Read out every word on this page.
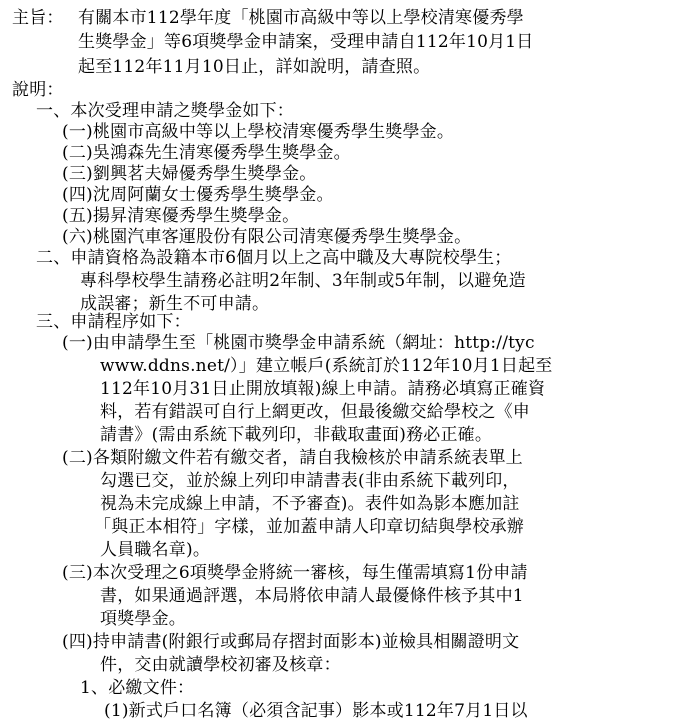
主旨： 有關本市112學年度「桃園市高級中等以上學校清寒優秀學
生獎學金」等6項獎學金申請案，受理申請自112年10月1日
起至112年11月10日止，詳如說明，請查照。
說明：
一、本次受理申請之獎學金如下：
(一)桃園市高級中等以上學校清寒優秀學生獎學金。
(二)吳鴻森先生清寒優秀學生獎學金。
(三)劉興茗夫婦優秀學生獎學金。
(四)沈周阿蘭女士優秀學生獎學金。
(五)揚昇清寒優秀學生獎學金。
(六)桃園汽車客運股份有限公司清寒優秀學生獎學金。
二、申請資格為設籍本市6個月以上之高中職及大專院校學生；
專科學校學生請務必註明2年制、3年制或5年制，以避免造
成誤審；新生不可申請。
三、申請程序如下：
(一)由申請學生至「桃園市獎學金申請系統（網址：http://tyc
www.ddns.net/）」建立帳戶(系統訂於112年10月1日起至
112年10月31日止開放填報)線上申請。請務必填寫正確資
料，若有錯誤可自行上網更改，但最後繳交給學校之《申
請書》(需由系統下載列印，非截取畫面)務必正確。
(二)各類附繳文件若有繳交者，請自我檢核於申請系統表單上
勾選已交，並於線上列印申請書表(非由系統下載列印，
視為未完成線上申請，不予審查)。表件如為影本應加註
「與正本相符」字樣，並加蓋申請人印章切結與學校承辦
人員職名章)。
(三)本次受理之6項獎學金將統一審核，每生僅需填寫1份申請
書，如果通過評選，本局將依申請人最優條件核予其中1
項獎學金。
(四)持申請書(附銀行或郵局存摺封面影本)並檢具相關證明文
件，交由就讀學校初審及核章：
1、必繳文件：
(1)新式戶口名簿（必須含記事）影本或112年7月1日以
